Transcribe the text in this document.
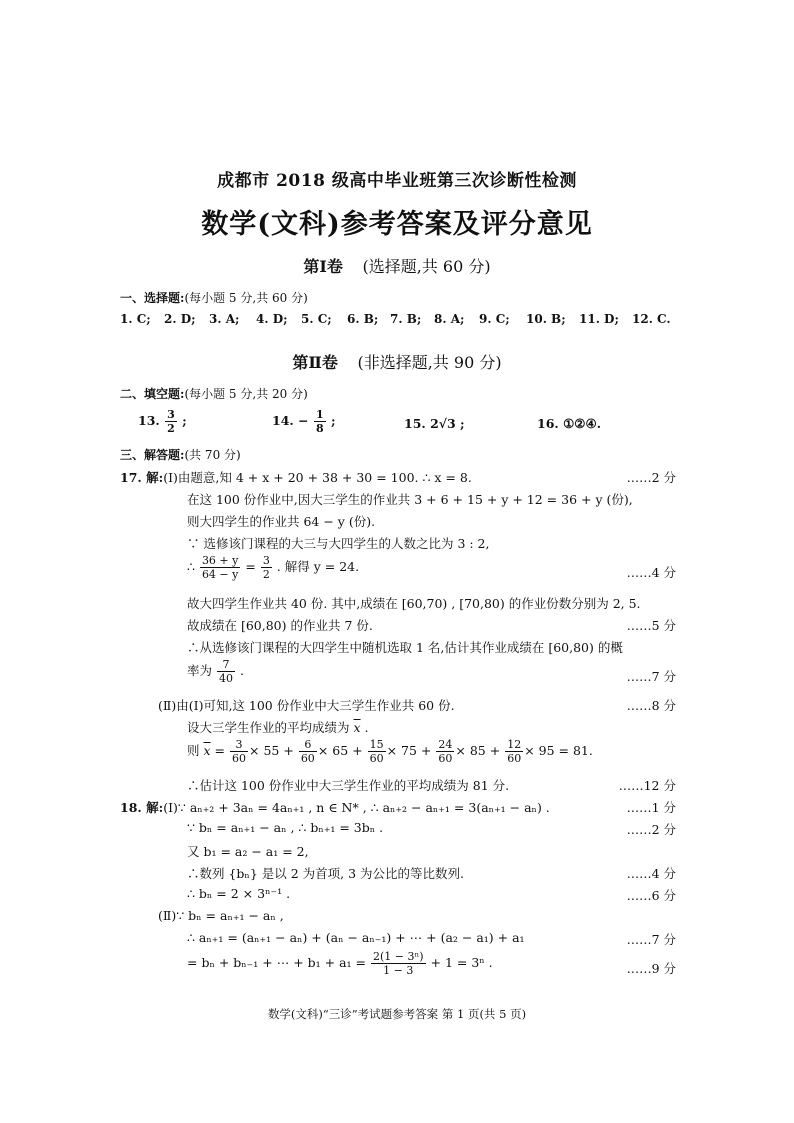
成都市 2018 级高中毕业班第三次诊断性检测
数学(文科)参考答案及评分意见
第Ⅰ卷 (选择题,共 60 分)
一、选择题:(每小题 5 分,共 60 分)
1. C;	2. D;	3. A;	4. D;	5. C;	6. B; 7. B;	8. A;	9. C;	10. B;	11. D;	12. C.
第Ⅱ卷 (非选择题,共 90 分)
二、填空题:(每小题 5 分,共 20 分)
13. $\frac{3}{2}$ ;	14. − $\frac{1}{8}$ ;	15. 2√3 ;	16. ①②④.
三、解答题:(共 70 分)
17. 解:(Ⅰ)由题意,知 4 + x + 20 + 38 + 30 = 100. ∴ x = 8.	……2 分
在这 100 份作业中,因大三学生的作业共 3 + 6 + 15 + y + 12 = 36 + y (份),
则大四学生的作业共 64 − y (份).
∵ 选修该门课程的大三与大四学生的人数之比为 3 : 2,
∴ $\frac{36 + y}{64 - y} = \frac{3}{2}$ . 解得 y = 24.	……4 分
故大四学生作业共 40 份. 其中,成绩在 [60,70) , [70,80) 的作业份数分别为 2, 5.
故成绩在 [60,80) 的作业共 7 份.	……5 分
∴从选修该门课程的大四学生中随机选取 1 名,估计其作业成绩在 [60,80) 的概
率为 $\frac{7}{40}$ .	……7 分
(Ⅱ)由(Ⅰ)可知,这 100 份作业中大三学生作业共 60 份.	……8 分
设大三学生作业的平均成绩为 $\overline{x}$ .
则 $\overline{x} = \frac{3}{60} \times 55 + \frac{6}{60} \times 65 + \frac{15}{60} \times 75 + \frac{24}{60} \times 85 + \frac{12}{60} \times 95 = 81$.
∴估计这 100 份作业中大三学生作业的平均成绩为 81 分.	……12 分
18. 解:(Ⅰ)∵ aₙ₊₂ + 3aₙ = 4aₙ₊₁ , n ∈ N* , ∴ aₙ₊₂ − aₙ₊₁ = 3(aₙ₊₁ − aₙ) .	……1 分
∵ bₙ = aₙ₊₁ − aₙ , ∴ bₙ₊₁ = 3bₙ .	……2 分
又 b₁ = a₂ − a₁ = 2,
∴数列 {bₙ} 是以 2 为首项, 3 为公比的等比数列.	……4 分
∴ bₙ = 2 × 3ⁿ⁻¹ .	……6 分
(Ⅱ)∵ bₙ = aₙ₊₁ − aₙ ,
∴ aₙ₊₁ = (aₙ₊₁ − aₙ) + (aₙ − aₙ₋₁) + ⋯ + (a₂ − a₁) + a₁	……7 分
= bₙ + bₙ₋₁ + ⋯ + $b_1 + a_1 = \frac{\text{2(1 − 3ⁿ)}}{1 - 3} + 1 = 3^n$ .	……9 分
数学(文科)“三诊”考试题参考答案 第 1 页(共 5 页)
